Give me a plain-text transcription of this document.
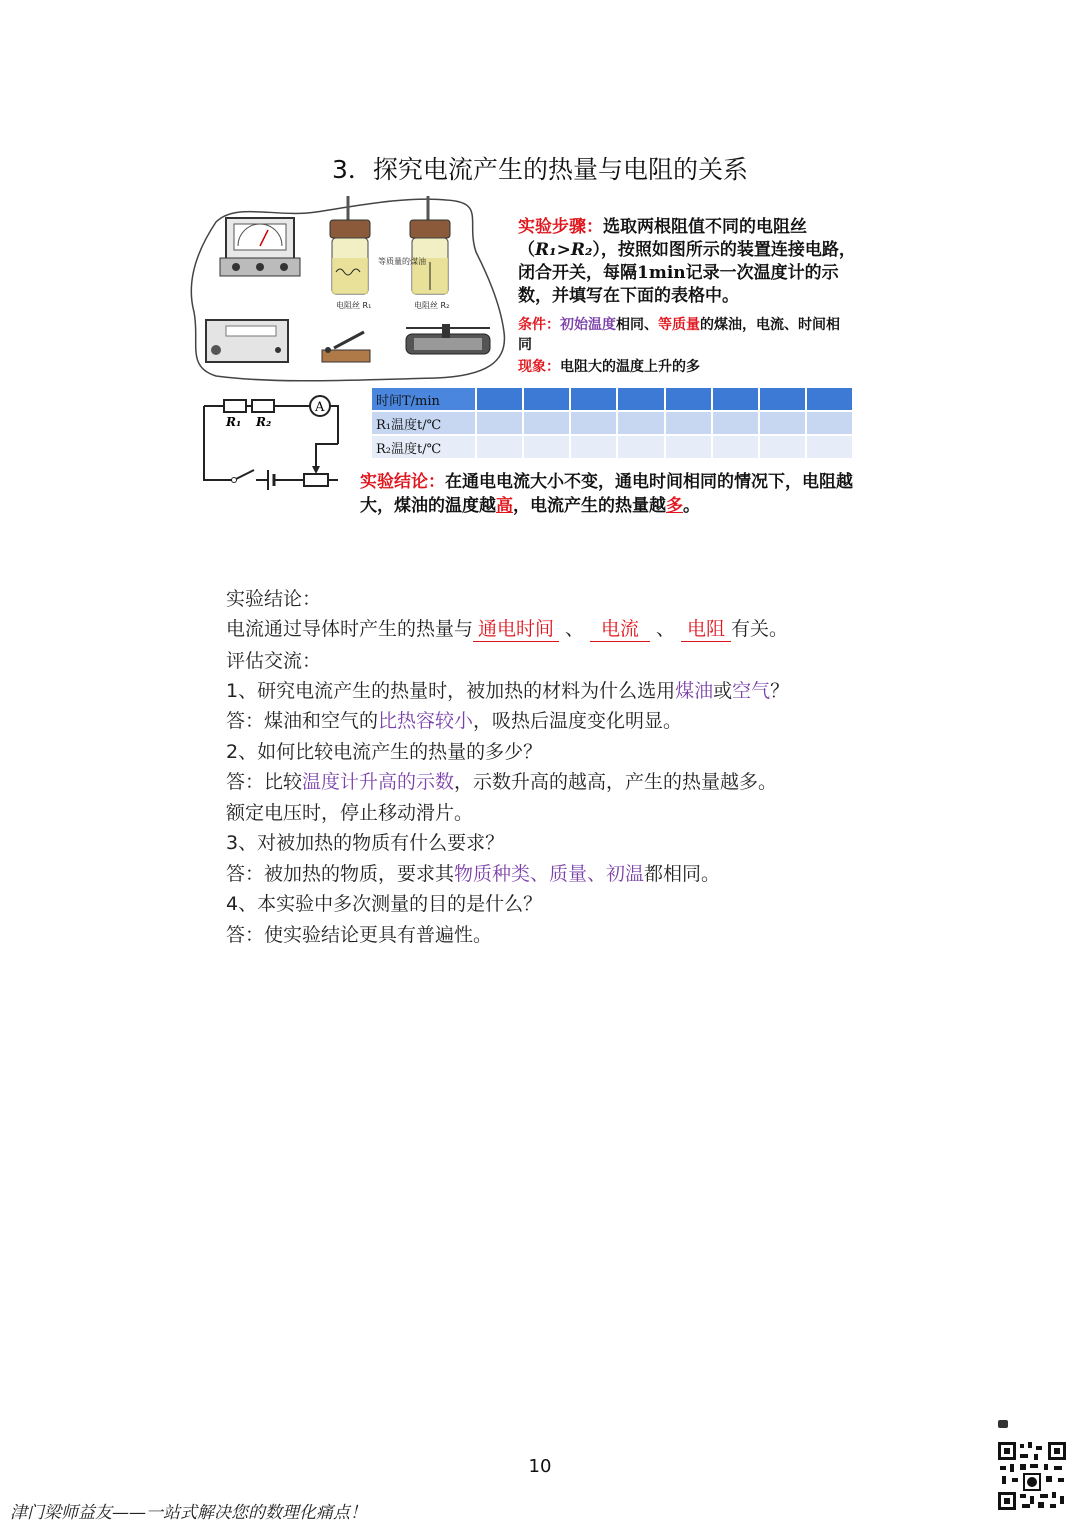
3．探究电流产生的热量与电阻的关系
等质量的煤油
电阻丝 R₁	电阻丝 R₂
实验步骤：选取两根阻值不同的电阻丝（R₁>R₂），按照如图所示的装置连接电路，闭合开关，每隔1min记录一次温度计的示数，并填写在下面的表格中。
条件：初始温度相同、等质量的煤油，电流、时间相同
现象：电阻大的温度上升的多
A
R₁ R₂
时间T/min								
R₁温度t/℃								
R₂温度t/℃								
实验结论：在通电电流大小不变，通电时间相同的情况下，电阻越大，煤油的温度越高，电流产生的热量越多。
实验结论：
电流通过导体时产生的热量与 通电时间 、 电流 、 电阻 有关。
评估交流：
1、研究电流产生的热量时，被加热的材料为什么选用煤油或空气？
答：煤油和空气的比热容较小，吸热后温度变化明显。
2、如何比较电流产生的热量的多少？
答：比较温度计升高的示数，示数升高的越高，产生的热量越多。
额定电压时，停止移动滑片。
3、对被加热的物质有什么要求？
答：被加热的物质，要求其物质种类、质量、初温都相同。
4、本实验中多次测量的目的是什么？
答：使实验结论更具有普遍性。
10
津门梁师益友——一站式解决您的数理化痛点！
